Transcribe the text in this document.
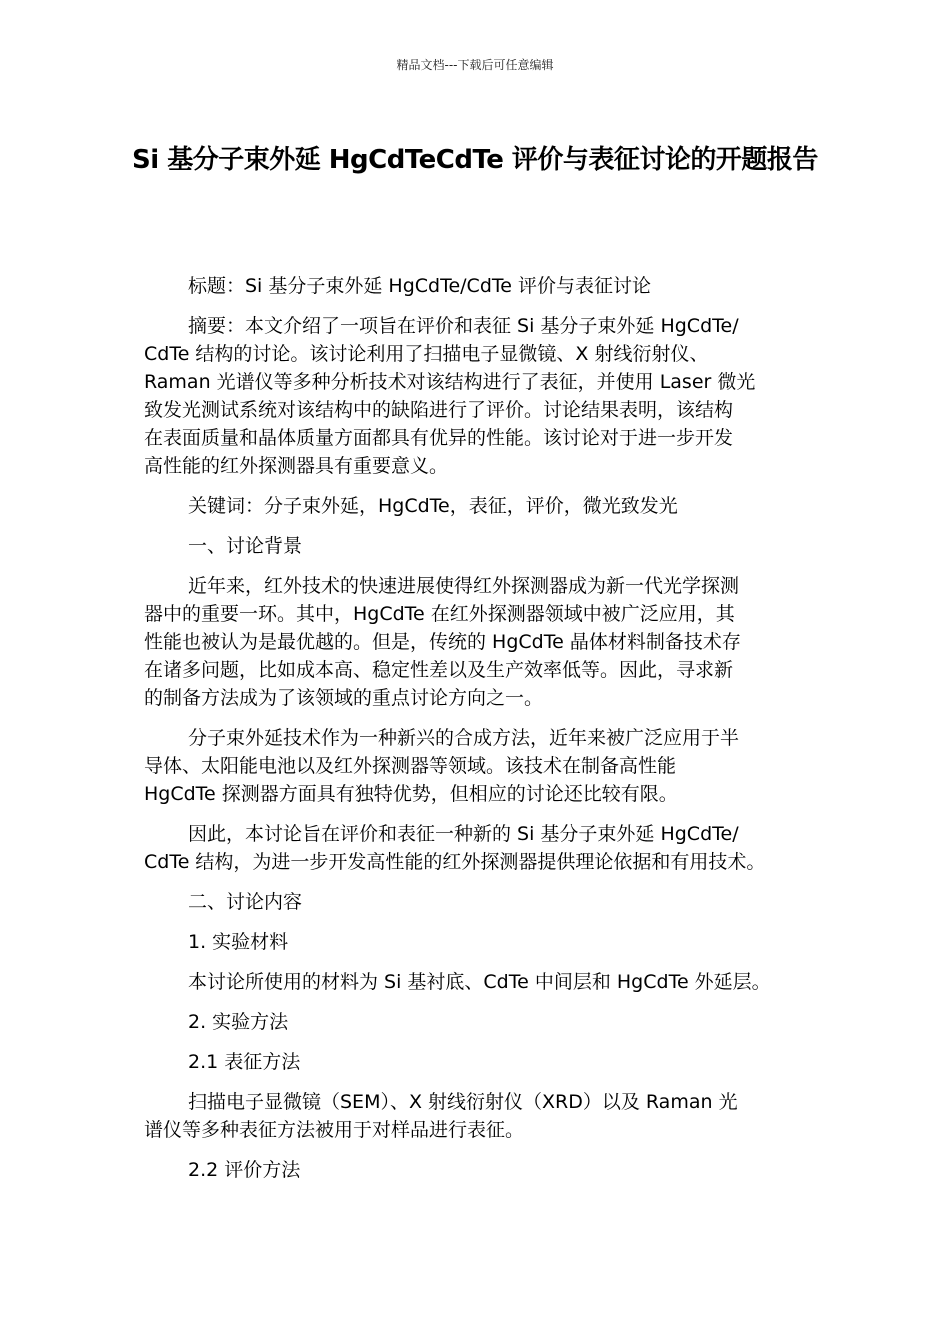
精品文档---下载后可任意编辑
Si 基分子束外延 HgCdTeCdTe 评价与表征讨论的开题报告

标题：Si 基分子束外延 HgCdTe/CdTe 评价与表征讨论

摘要：本文介绍了一项旨在评价和表征 Si 基分子束外延 HgCdTe/
CdTe 结构的讨论。该讨论利用了扫描电子显微镜、X 射线衍射仪、
Raman 光谱仪等多种分析技术对该结构进行了表征，并使用 Laser 微光
致发光测试系统对该结构中的缺陷进行了评价。讨论结果表明，该结构
在表面质量和晶体质量方面都具有优异的性能。该讨论对于进一步开发
高性能的红外探测器具有重要意义。

关键词：分子束外延，HgCdTe，表征，评价，微光致发光

一、讨论背景

近年来，红外技术的快速进展使得红外探测器成为新一代光学探测
器中的重要一环。其中，HgCdTe 在红外探测器领域中被广泛应用，其
性能也被认为是最优越的。但是，传统的 HgCdTe 晶体材料制备技术存
在诸多问题，比如成本高、稳定性差以及生产效率低等。因此，寻求新
的制备方法成为了该领域的重点讨论方向之一。

分子束外延技术作为一种新兴的合成方法，近年来被广泛应用于半
导体、太阳能电池以及红外探测器等领域。该技术在制备高性能
HgCdTe 探测器方面具有独特优势，但相应的讨论还比较有限。

因此，本讨论旨在评价和表征一种新的 Si 基分子束外延 HgCdTe/
CdTe 结构，为进一步开发高性能的红外探测器提供理论依据和有用技术。

二、讨论内容

1. 实验材料

本讨论所使用的材料为 Si 基衬底、CdTe 中间层和 HgCdTe 外延层。

2. 实验方法

2.1 表征方法

扫描电子显微镜（SEM）、X 射线衍射仪（XRD）以及 Raman 光
谱仪等多种表征方法被用于对样品进行表征。

2.2 评价方法
